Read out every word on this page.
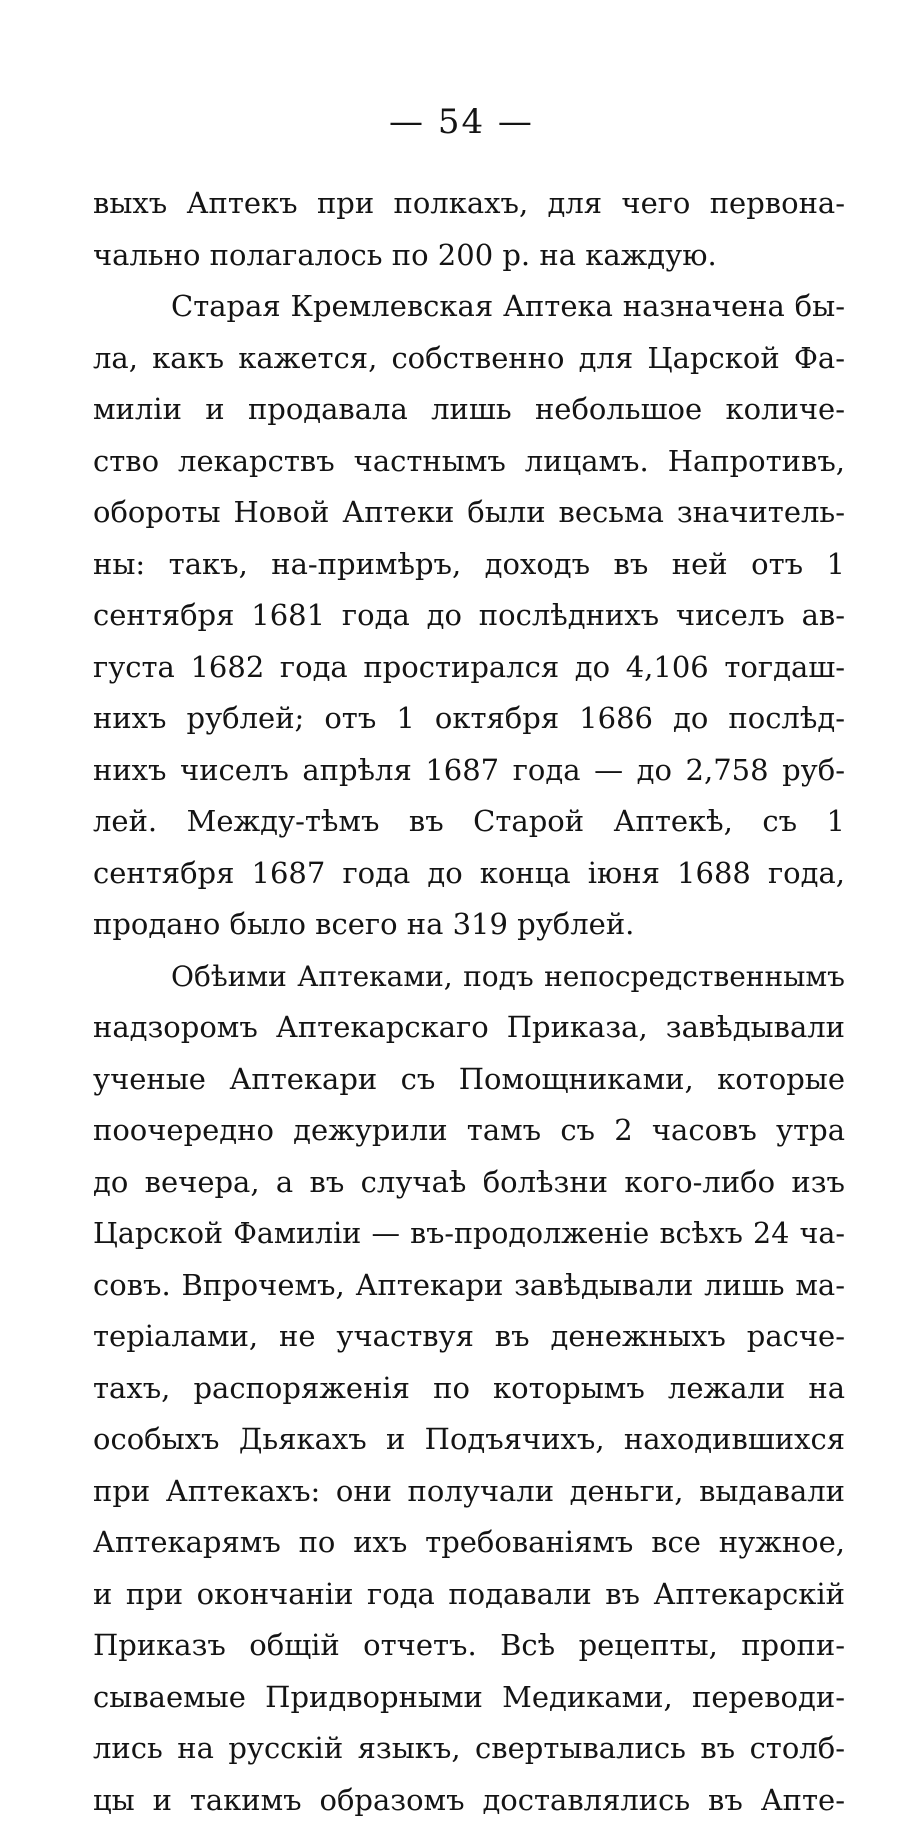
— 54 —
выхъ Аптекъ при полкахъ, для чего первона-
чально полагалось по 200 р. на каждую.
Старая Кремлевская Аптека назначена бы-
ла, какъ кажется, собственно для Царской Фа-
миліи и продавала лишь небольшое количе-
ство лекарствъ частнымъ лицамъ. Напротивъ,
обороты Новой Аптеки были весьма значитель-
ны: такъ, на-примѣръ, доходъ въ ней отъ 1
сентября 1681 года до послѣднихъ чиселъ ав-
густа 1682 года простирался до 4,106 тогдаш-
нихъ рублей; отъ 1 октября 1686 до послѣд-
нихъ чиселъ апрѣля 1687 года — до 2,758 руб-
лей. Между-тѣмъ въ Старой Аптекѣ, съ 1
сентября 1687 года до конца іюня 1688 года,
продано было всего на 319 рублей.
Обѣими Аптеками, подъ непосредственнымъ
надзоромъ Аптекарскаго Приказа, завѣдывали
ученые Аптекари съ Помощниками, которые
поочередно дежурили тамъ съ 2 часовъ утра
до вечера, а въ случаѣ болѣзни кого-либо изъ
Царской Фамиліи — въ-продолженіе всѣхъ 24 ча-
совъ. Впрочемъ, Аптекари завѣдывали лишь ма-
теріалами, не участвуя въ денежныхъ расче-
тахъ, распоряженія по которымъ лежали на
особыхъ Дьякахъ и Подъячихъ, находившихся
при Аптекахъ: они получали деньги, выдавали
Аптекарямъ по ихъ требованіямъ все нужное,
и при окончаніи года подавали въ Аптекарскій
Приказъ общій отчетъ. Всѣ рецепты, пропи-
сываемые Придворными Медиками, переводи-
лись на русскій языкъ, свертывались въ столб-
цы и такимъ образомъ доставлялись въ Апте-
